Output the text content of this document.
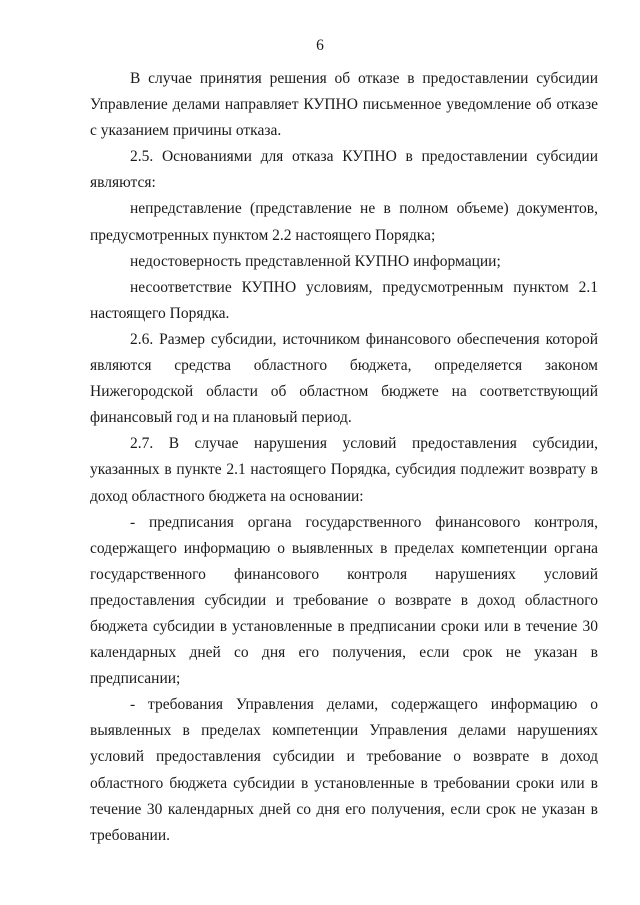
6

В случае принятия решения об отказе в предоставлении субсидии Управление делами направляет КУПНО письменное уведомление об отказе с указанием причины отказа.

2.5. Основаниями для отказа КУПНО в предоставлении субсидии являются:

непредставление (представление не в полном объеме) документов, предусмотренных пунктом 2.2 настоящего Порядка;

недостоверность представленной КУПНО информации;

несоответствие КУПНО условиям, предусмотренным пунктом 2.1 настоящего Порядка.

2.6. Размер субсидии, источником финансового обеспечения которой являются средства областного бюджета, определяется законом Нижегородской области об областном бюджете на соответствующий финансовый год и на плановый период.

2.7. В случае нарушения условий предоставления субсидии, указанных в пункте 2.1 настоящего Порядка, субсидия подлежит возврату в доход областного бюджета на основании:

- предписания органа государственного финансового контроля, содержащего информацию о выявленных в пределах компетенции органа государственного финансового контроля нарушениях условий предоставления субсидии и требование о возврате в доход областного бюджета субсидии в установленные в предписании сроки или в течение 30 календарных дней со дня его получения, если срок не указан в предписании;

- требования Управления делами, содержащего информацию о выявленных в пределах компетенции Управления делами нарушениях условий предоставления субсидии и требование о возврате в доход областного бюджета субсидии в установленные в требовании сроки или в течение 30 календарных дней со дня его получения, если срок не указан в требовании.
